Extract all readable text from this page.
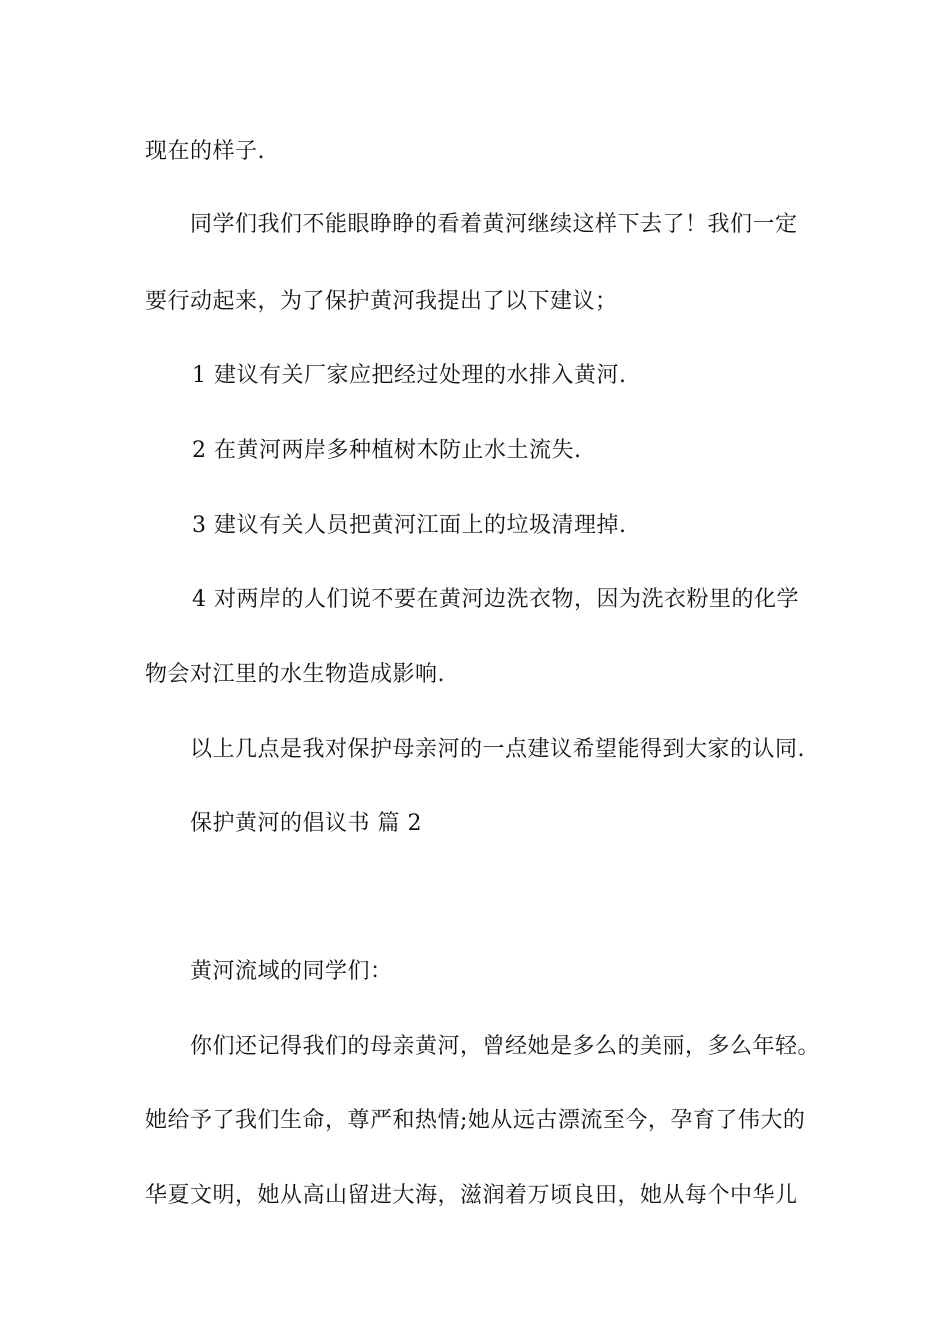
现在的样子.
同学们我们不能眼睁睁的看着黄河继续这样下去了！我们一定
要行动起来，为了保护黄河我提出了以下建议；
1 建议有关厂家应把经过处理的水排入黄河.
2 在黄河两岸多种植树木防止水土流失.
3 建议有关人员把黄河江面上的垃圾清理掉.
4 对两岸的人们说不要在黄河边洗衣物，因为洗衣粉里的化学
物会对江里的水生物造成影响.
以上几点是我对保护母亲河的一点建议希望能得到大家的认同.
保护黄河的倡议书 篇 2
黄河流域的同学们：
你们还记得我们的母亲黄河，曾经她是多么的美丽，多么年轻。
她给予了我们生命，尊严和热情;她从远古漂流至今，孕育了伟大的
华夏文明，她从高山留进大海，滋润着万顷良田，她从每个中华儿
